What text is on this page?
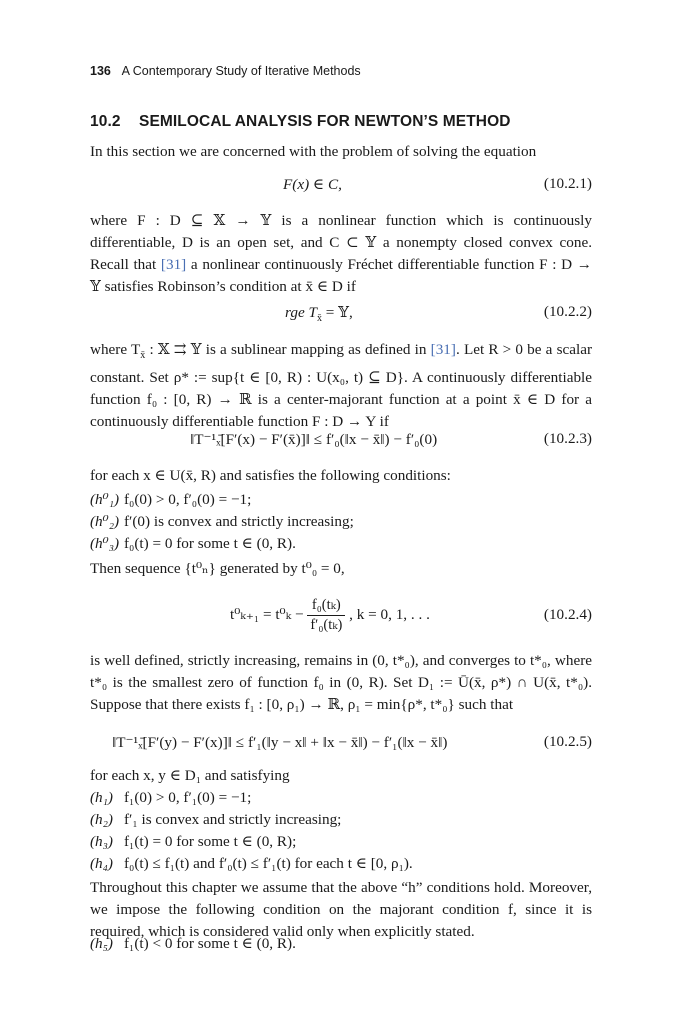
136 A Contemporary Study of Iterative Methods
10.2 SEMILOCAL ANALYSIS FOR NEWTON’S METHOD
In this section we are concerned with the problem of solving the equation
F(x) ∈ C,	(10.2.1)
where F : D ⊆ 𝕏 → 𝕐 is a nonlinear function which is continuously differentiable, D is an open set, and C ⊂ 𝕐 a nonempty closed convex cone. Recall that [31] a nonlinear continuously Fréchet differentiable function F : D → 𝕐 satisfies Robinson’s condition at x̄ ∈ D if
rge $T_{x̄}$ = 𝕐,	(10.2.2)
where $T_{x̄}$ : 𝕏 ⇉ 𝕐 is a sublinear mapping as defined in [31]. Let R > 0 be a scalar constant. Set ρ* := sup{t ∈ [0, R) : U(x₀, t) ⊆ D}. A continuously differentiable function f₀ : [0, R) → ℝ is a center-majorant function at a point x̄ ∈ D for a continuously differentiable function F : D → Y if
‖T⁻¹ₓ̄[F′(x) − F′(x̄)]‖ ≤ f′₀(‖x − x̄‖) − f′₀(0)	(10.2.3)
for each x ∈ U(x̄, R) and satisfies the following conditions:
(h⁰₁) f₀(0) > 0, f′₀(0) = −1;
(h⁰₂) f′(0) is convex and strictly increasing;
(h⁰₃) f₀(t) = 0 for some t ∈ (0, R).
Then sequence {t⁰ₙ} generated by t⁰₀ = 0,
$t^0_{k+1} = t^0_k - \frac{\text{f₀(tₖ)}}{\text{f′₀(tₖ)}}$ , k = 0, 1, . . .	(10.2.4)
is well defined, strictly increasing, remains in (0, t*₀), and converges to t*₀, where t*₀ is the smallest zero of function f₀ in (0, R). Set D₁ := Ū(x̄, ρ*) ∩ U(x̄, t*₀). Suppose that there exists f₁ : [0, ρ₁) → ℝ, ρ₁ = min{ρ*, t*₀} such that
‖T⁻¹ₓ̄[F′(y) − F′(x)]‖ ≤ f′₁(‖y − x‖ + ‖x − x̄‖) − f′₁(‖x − x̄‖)	(10.2.5)
for each x, y ∈ D₁ and satisfying
(h₁) f₁(0) > 0, f′₁(0) = −1;
(h₂) f′₁ is convex and strictly increasing;
(h₃) f₁(t) = 0 for some t ∈ (0, R);
(h₄) f₀(t) ≤ f₁(t) and f′₀(t) ≤ f′₁(t) for each t ∈ [0, ρ₁).
Throughout this chapter we assume that the above “h” conditions hold. Moreover, we impose the following condition on the majorant condition f, since it is required, which is considered valid only when explicitly stated.
(h₅) f₁(t) < 0 for some t ∈ (0, R).
